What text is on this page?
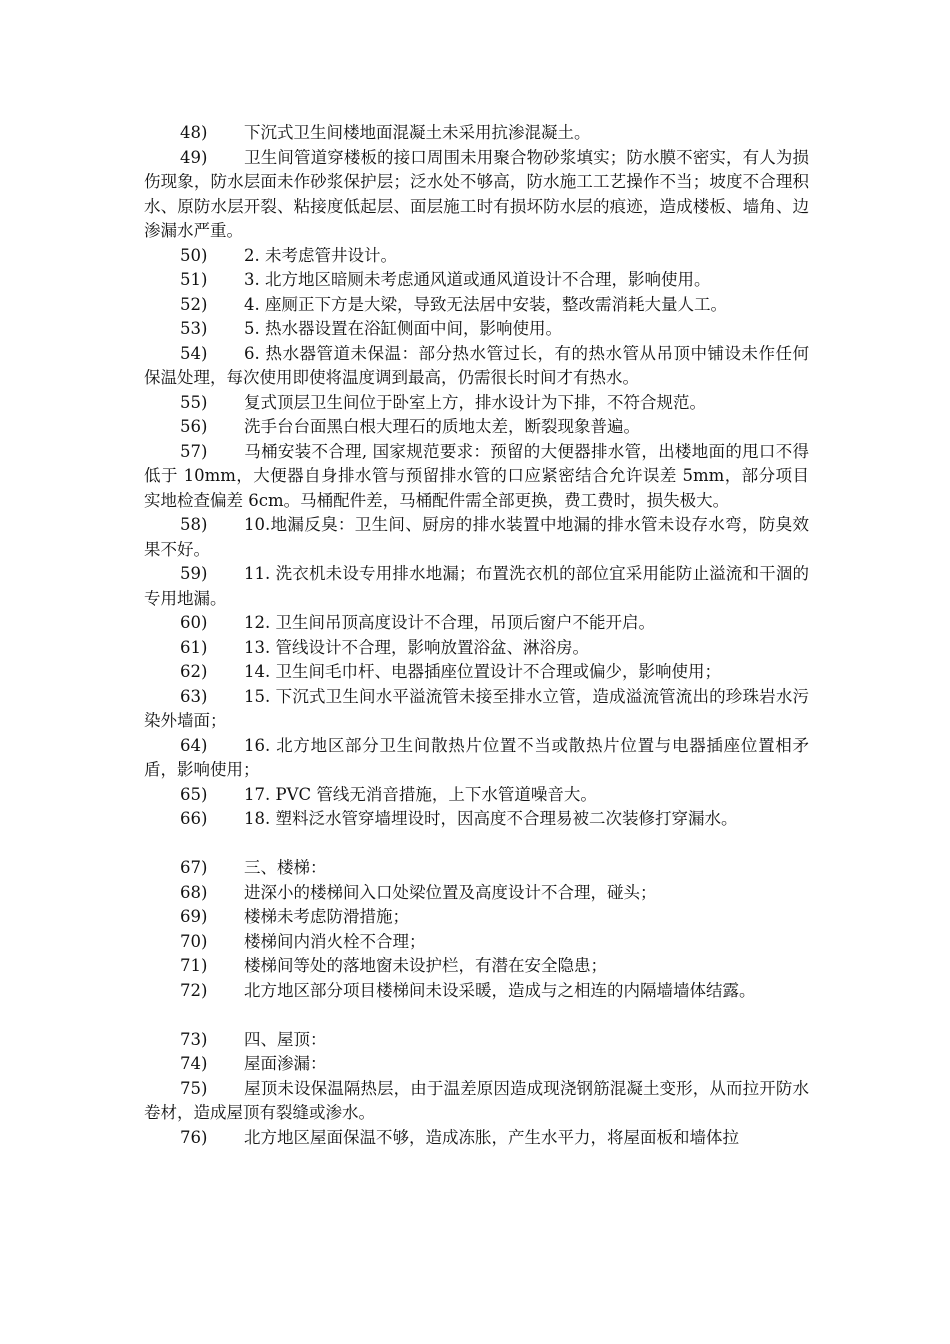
48) 下沉式卫生间楼地面混凝土未采用抗渗混凝土。

49) 卫生间管道穿楼板的接口周围未用聚合物砂浆填实；防水膜不密实，有人为损伤现象，防水层面未作砂浆保护层；泛水处不够高，防水施工工艺操作不当；坡度不合理积水、原防水层开裂、粘接度低起层、面层施工时有损坏防水层的痕迹，造成楼板、墙角、边渗漏水严重。

50) 2. 未考虑管井设计。

51) 3. 北方地区暗厕未考虑通风道或通风道设计不合理，影响使用。

52) 4. 座厕正下方是大梁，导致无法居中安装，整改需消耗大量人工。

53) 5. 热水器设置在浴缸侧面中间，影响使用。

54) 6. 热水器管道未保温：部分热水管过长，有的热水管从吊顶中铺设未作任何保温处理，每次使用即使将温度调到最高，仍需很长时间才有热水。

55) 复式顶层卫生间位于卧室上方，排水设计为下排，不符合规范。

56) 洗手台台面黑白根大理石的质地太差，断裂现象普遍。

57) 马桶安装不合理, 国家规范要求：预留的大便器排水管，出楼地面的甩口不得低于 10mm，大便器自身排水管与预留排水管的口应紧密结合允许误差 5mm，部分项目实地检查偏差 6cm。马桶配件差，马桶配件需全部更换，费工费时，损失极大。

58) 10.地漏反臭：卫生间、厨房的排水装置中地漏的排水管未设存水弯，防臭效果不好。

59) 11. 洗衣机未设专用排水地漏；布置洗衣机的部位宜采用能防止溢流和干涸的专用地漏。

60) 12. 卫生间吊顶高度设计不合理，吊顶后窗户不能开启。

61) 13. 管线设计不合理，影响放置浴盆、淋浴房。

62) 14. 卫生间毛巾杆、电器插座位置设计不合理或偏少，影响使用；

63) 15. 下沉式卫生间水平溢流管未接至排水立管，造成溢流管流出的珍珠岩水污染外墙面；

64) 16. 北方地区部分卫生间散热片位置不当或散热片位置与电器插座位置相矛盾，影响使用；

65) 17. PVC 管线无消音措施，上下水管道噪音大。

66) 18. 塑料泛水管穿墙埋设时，因高度不合理易被二次装修打穿漏水。

67) 三、楼梯：

68) 进深小的楼梯间入口处梁位置及高度设计不合理，碰头；

69) 楼梯未考虑防滑措施；

70) 楼梯间内消火栓不合理；

71) 楼梯间等处的落地窗未设护栏，有潜在安全隐患；

72) 北方地区部分项目楼梯间未设采暖，造成与之相连的内隔墙墙体结露。

73) 四、屋顶：

74) 屋面渗漏：

75) 屋顶未设保温隔热层，由于温差原因造成现浇钢筋混凝土变形，从而拉开防水卷材，造成屋顶有裂缝或渗水。

76) 北方地区屋面保温不够，造成冻胀，产生水平力，将屋面板和墙体拉
